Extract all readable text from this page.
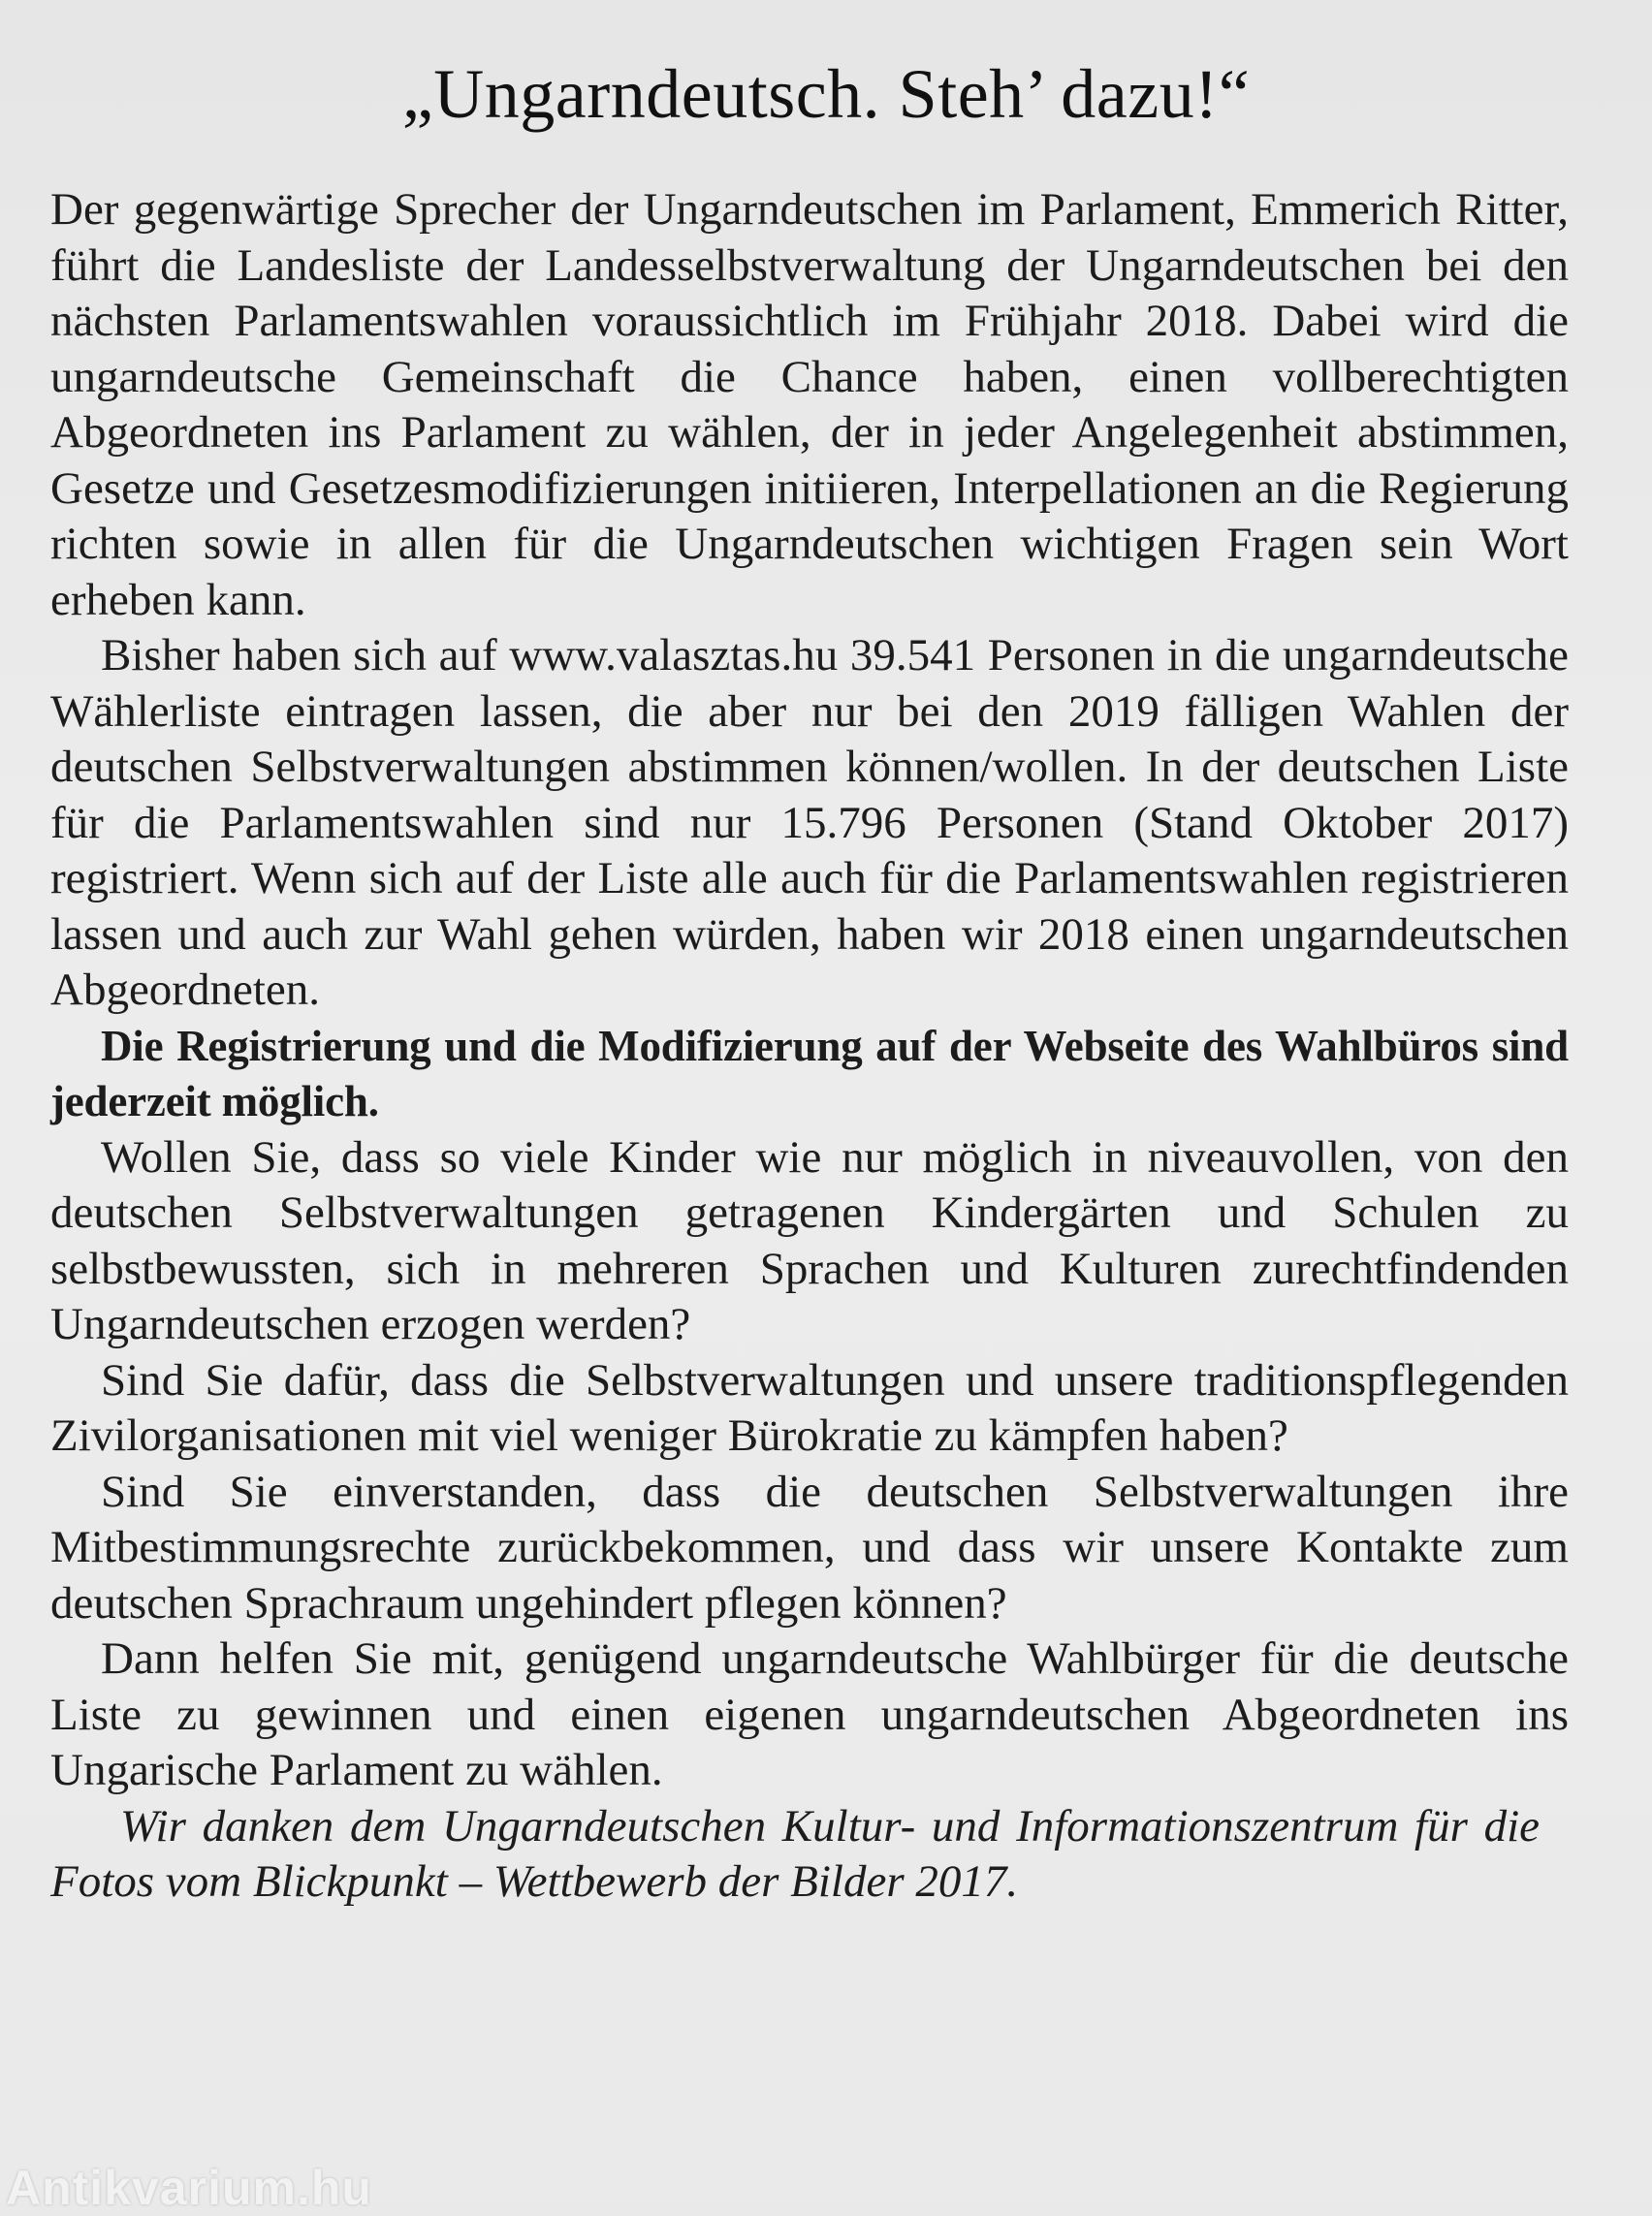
„Ungarndeutsch. Steh’ dazu!“

Der gegenwärtige Sprecher der Ungarndeutschen im Parlament, Emmerich Ritter, führt die Landesliste der Landesselbstverwaltung der Ungarndeutschen bei den nächsten Parlamentswahlen voraussichtlich im Frühjahr 2018. Dabei wird die ungarndeutsche Gemeinschaft die Chance haben, einen vollberechtigten Abgeordneten ins Parlament zu wählen, der in jeder Angelegenheit abstimmen, Gesetze und Gesetzesmodifizierungen initiieren, Interpellationen an die Regierung richten sowie in allen für die Ungarndeutschen wichtigen Fragen sein Wort erheben kann.

Bisher haben sich auf www.valasztas.hu 39.541 Personen in die ungarndeutsche Wählerliste eintragen lassen, die aber nur bei den 2019 fälligen Wahlen der deutschen Selbstverwaltungen abstimmen können/wollen. In der deutschen Liste für die Parlamentswahlen sind nur 15.796 Personen (Stand Oktober 2017) registriert. Wenn sich auf der Liste alle auch für die Parlamentswahlen registrieren lassen und auch zur Wahl gehen würden, haben wir 2018 einen ungarndeutschen Abgeordneten.

Die Registrierung und die Modifizierung auf der Webseite des Wahlbüros sind jederzeit möglich.

Wollen Sie, dass so viele Kinder wie nur möglich in niveauvollen, von den deutschen Selbstverwaltungen getragenen Kindergärten und Schulen zu selbstbewussten, sich in mehreren Sprachen und Kulturen zurechtfindenden Ungarndeutschen erzogen werden?

Sind Sie dafür, dass die Selbstverwaltungen und unsere traditionspflegenden Zivilorganisationen mit viel weniger Bürokratie zu kämpfen haben?

Sind Sie einverstanden, dass die deutschen Selbstverwaltungen ihre Mitbestimmungsrechte zurückbekommen, und dass wir unsere Kontakte zum deutschen Sprachraum ungehindert pflegen können?

Dann helfen Sie mit, genügend ungarndeutsche Wahlbürger für die deutsche Liste zu gewinnen und einen eigenen ungarndeutschen Abgeordneten ins Ungarische Parlament zu wählen.

Wir danken dem Ungarndeutschen Kultur- und Informationszentrum für die Fotos vom Blickpunkt – Wettbewerb der Bilder 2017.

Antikvarium.hu
